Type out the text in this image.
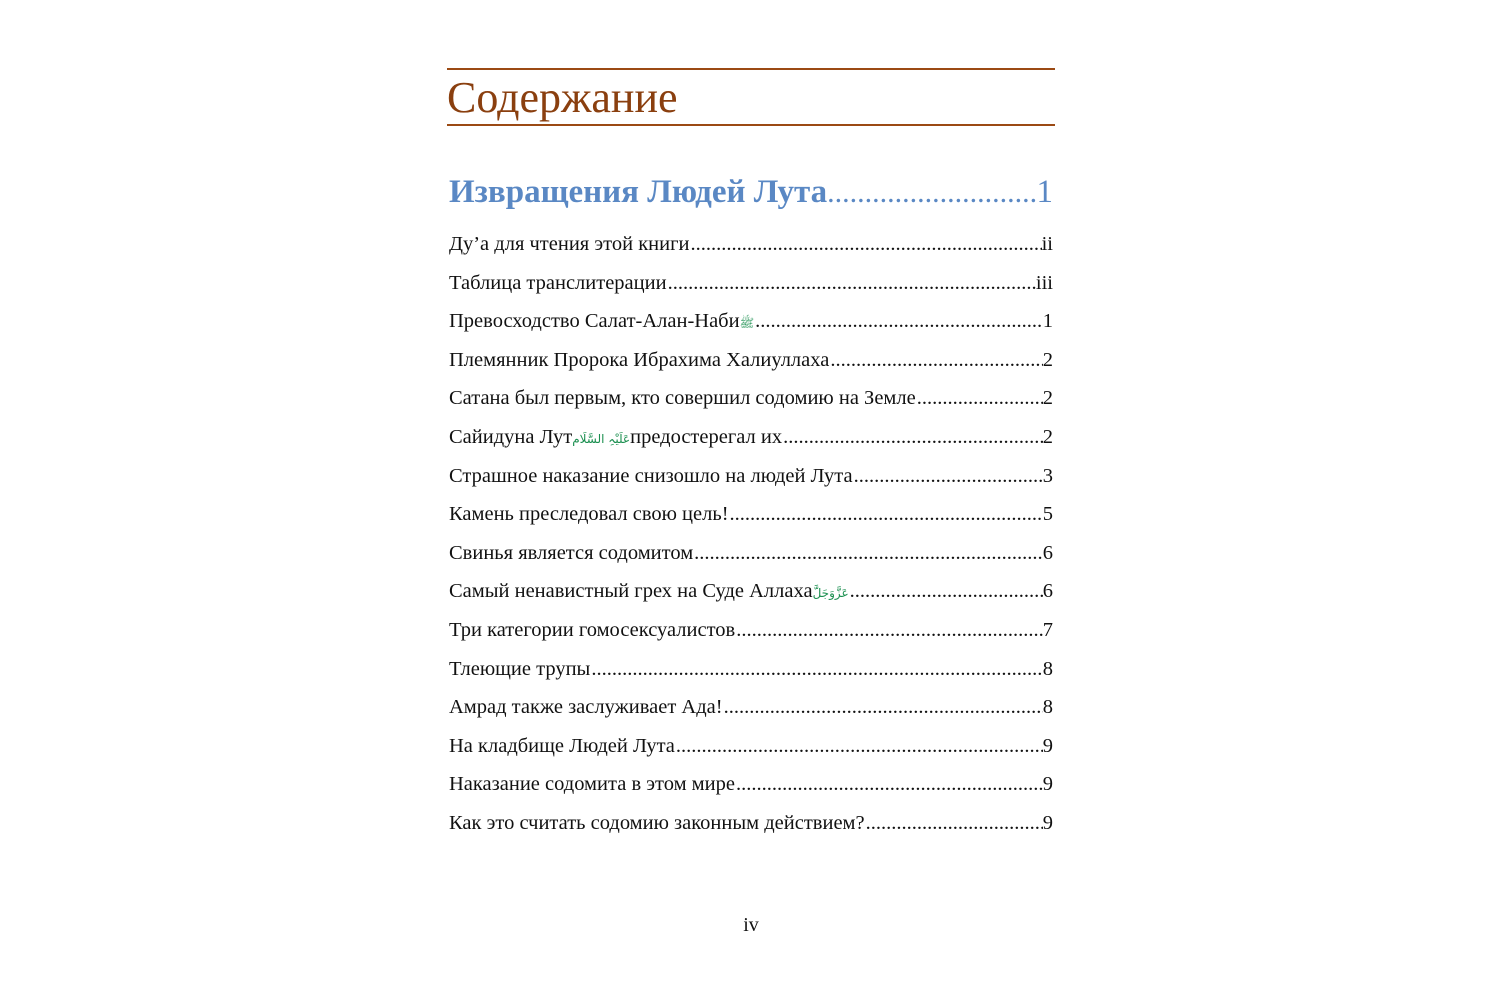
Содержание
Извращения Людей Лута .....	1
Ду’а для чтения этой книги .....	ii
Таблица транслитерации .....	iii
Превосходство Салат-Алан-Наби ﷺ .....	1
Племянник Пророка Ибрахима Халиуллаха .....	2
Сатана был первым, кто совершил содомию на Земле .....	2
Сайидуна Лут عَلَیْہِ السَّلَام предостерегал их .....	2
Страшное наказание снизошло на людей Лута .....	3
Камень преследовал свою цель! .....	5
Свинья является содомитом .....	6
Самый ненавистный грех на Суде Аллаха عَزَّوَجَلَّ .....	6
Три категории гомосексуалистов .....	7
Тлеющие трупы .....	8
Амрад также заслуживает Ада! .....	8
На кладбище Людей Лута .....	9
Наказание содомита в этом мире .....	9
Как это считать содомию законным действием? .....	9
iv
